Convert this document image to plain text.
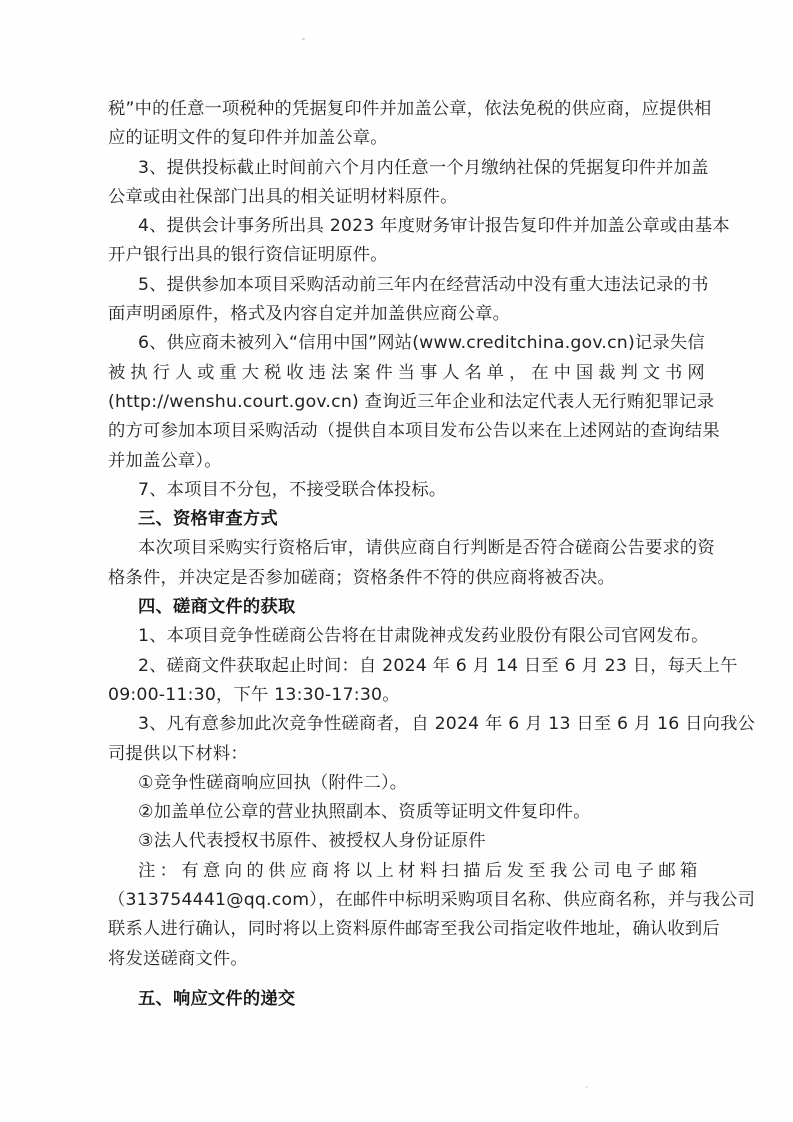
税”中的任意一项税种的凭据复印件并加盖公章，依法免税的供应商，应提供相
应的证明文件的复印件并加盖公章。
3、提供投标截止时间前六个月内任意一个月缴纳社保的凭据复印件并加盖
公章或由社保部门出具的相关证明材料原件。
4、提供会计事务所出具 2023 年度财务审计报告复印件并加盖公章或由基本
开户银行出具的银行资信证明原件。
5、提供参加本项目采购活动前三年内在经营活动中没有重大违法记录的书
面声明函原件，格式及内容自定并加盖供应商公章。
6、供应商未被列入“信用中国”网站(www.creditchina.gov.cn)记录失信
被执行人或重大税收违法案件当事人名单，在中国裁判文书网
(http://wenshu.court.gov.cn) 查询近三年企业和法定代表人无行贿犯罪记录
的方可参加本项目采购活动（提供自本项目发布公告以来在上述网站的查询结果
并加盖公章）。
7、本项目不分包，不接受联合体投标。
三、资格审查方式
本次项目采购实行资格后审，请供应商自行判断是否符合磋商公告要求的资
格条件，并决定是否参加磋商；资格条件不符的供应商将被否决。
四、磋商文件的获取
1、本项目竞争性磋商公告将在甘肃陇神戎发药业股份有限公司官网发布。
2、磋商文件获取起止时间：自 2024 年 6 月 14 日至 6 月 23 日，每天上午
09:00-11:30，下午 13:30-17:30。
3、凡有意参加此次竞争性磋商者，自 2024 年 6 月 13 日至 6 月 16 日向我公
司提供以下材料：
①竞争性磋商响应回执（附件二）。
②加盖单位公章的营业执照副本、资质等证明文件复印件。
③法人代表授权书原件、被授权人身份证原件
注：有意向的供应商将以上材料扫描后发至我公司电子邮箱
（313754441@qq.com），在邮件中标明采购项目名称、供应商名称，并与我公司
联系人进行确认，同时将以上资料原件邮寄至我公司指定收件地址，确认收到后
将发送磋商文件。
五、响应文件的递交
